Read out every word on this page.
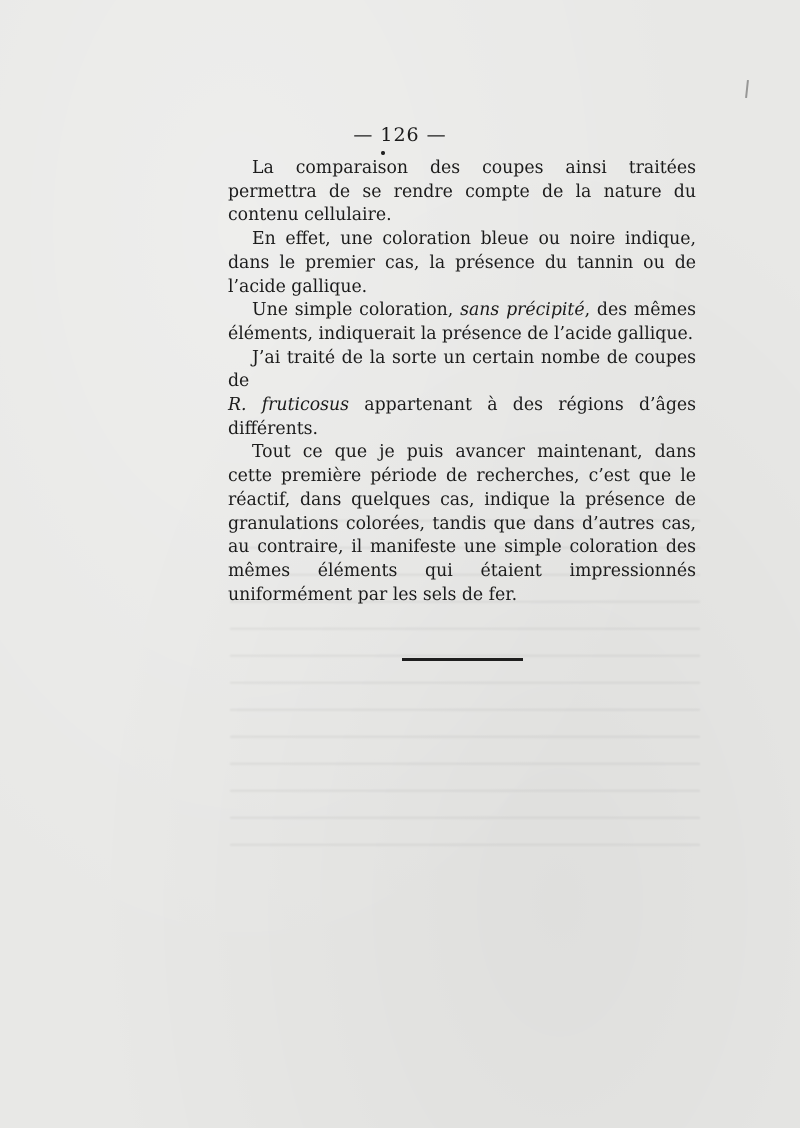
— 126 —

La comparaison des coupes ainsi traitées permettra de se rendre compte de la nature du contenu cellulaire.

En effet, une coloration bleue ou noire indique, dans le premier cas, la présence du tannin ou de l’acide gallique.

Une simple coloration, sans précipité, des mêmes éléments, indiquerait la présence de l’acide gallique.

J’ai traité de la sorte un certain nombe de coupes de

R. fruticosus appartenant à des régions d’âges différents.

Tout ce que je puis avancer maintenant, dans cette première période de recherches, c’est que le réactif, dans quelques cas, indique la présence de granulations colorées, tandis que dans d’autres cas, au contraire, il manifeste une simple coloration des mêmes éléments qui étaient impressionnés uniformément par les sels de fer.
